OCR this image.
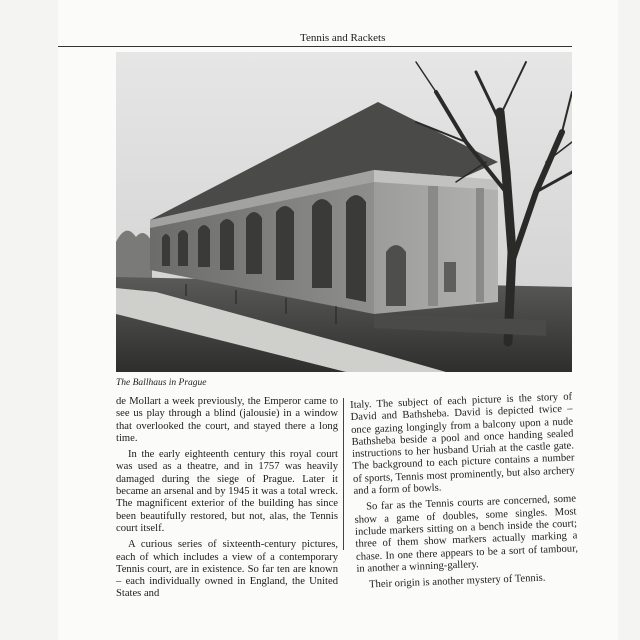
Tennis and Rackets
The Ballhaus in Prague

de Mollart a week previously, the Emperor came to see us play through a blind (jalousie) in a window that overlooked the court, and stayed there a long time.

In the early eighteenth century this royal court was used as a theatre, and in 1757 was heavily damaged during the siege of Prague. Later it became an arsenal and by 1945 it was a total wreck. The magnificent exterior of the building has since been beautifully restored, but not, alas, the Tennis court itself.

A curious series of sixteenth-century pictures, each of which includes a view of a contemporary Tennis court, are in existence. So far ten are known – each individually owned in England, the United States and

Italy. The subject of each picture is the story of David and Bathsheba. David is depicted twice – once gazing longingly from a balcony upon a nude Bathsheba beside a pool and once handing sealed instructions to her husband Uriah at the castle gate. The background to each picture contains a number of sports, Tennis most prominently, but also archery and a form of bowls.

So far as the Tennis courts are concerned, some show a game of doubles, some singles. Most include markers sitting on a bench inside the court; three of them show markers actually marking a chase. In one there appears to be a sort of tambour, in another a winning-gallery.

Their origin is another mystery of Tennis.
